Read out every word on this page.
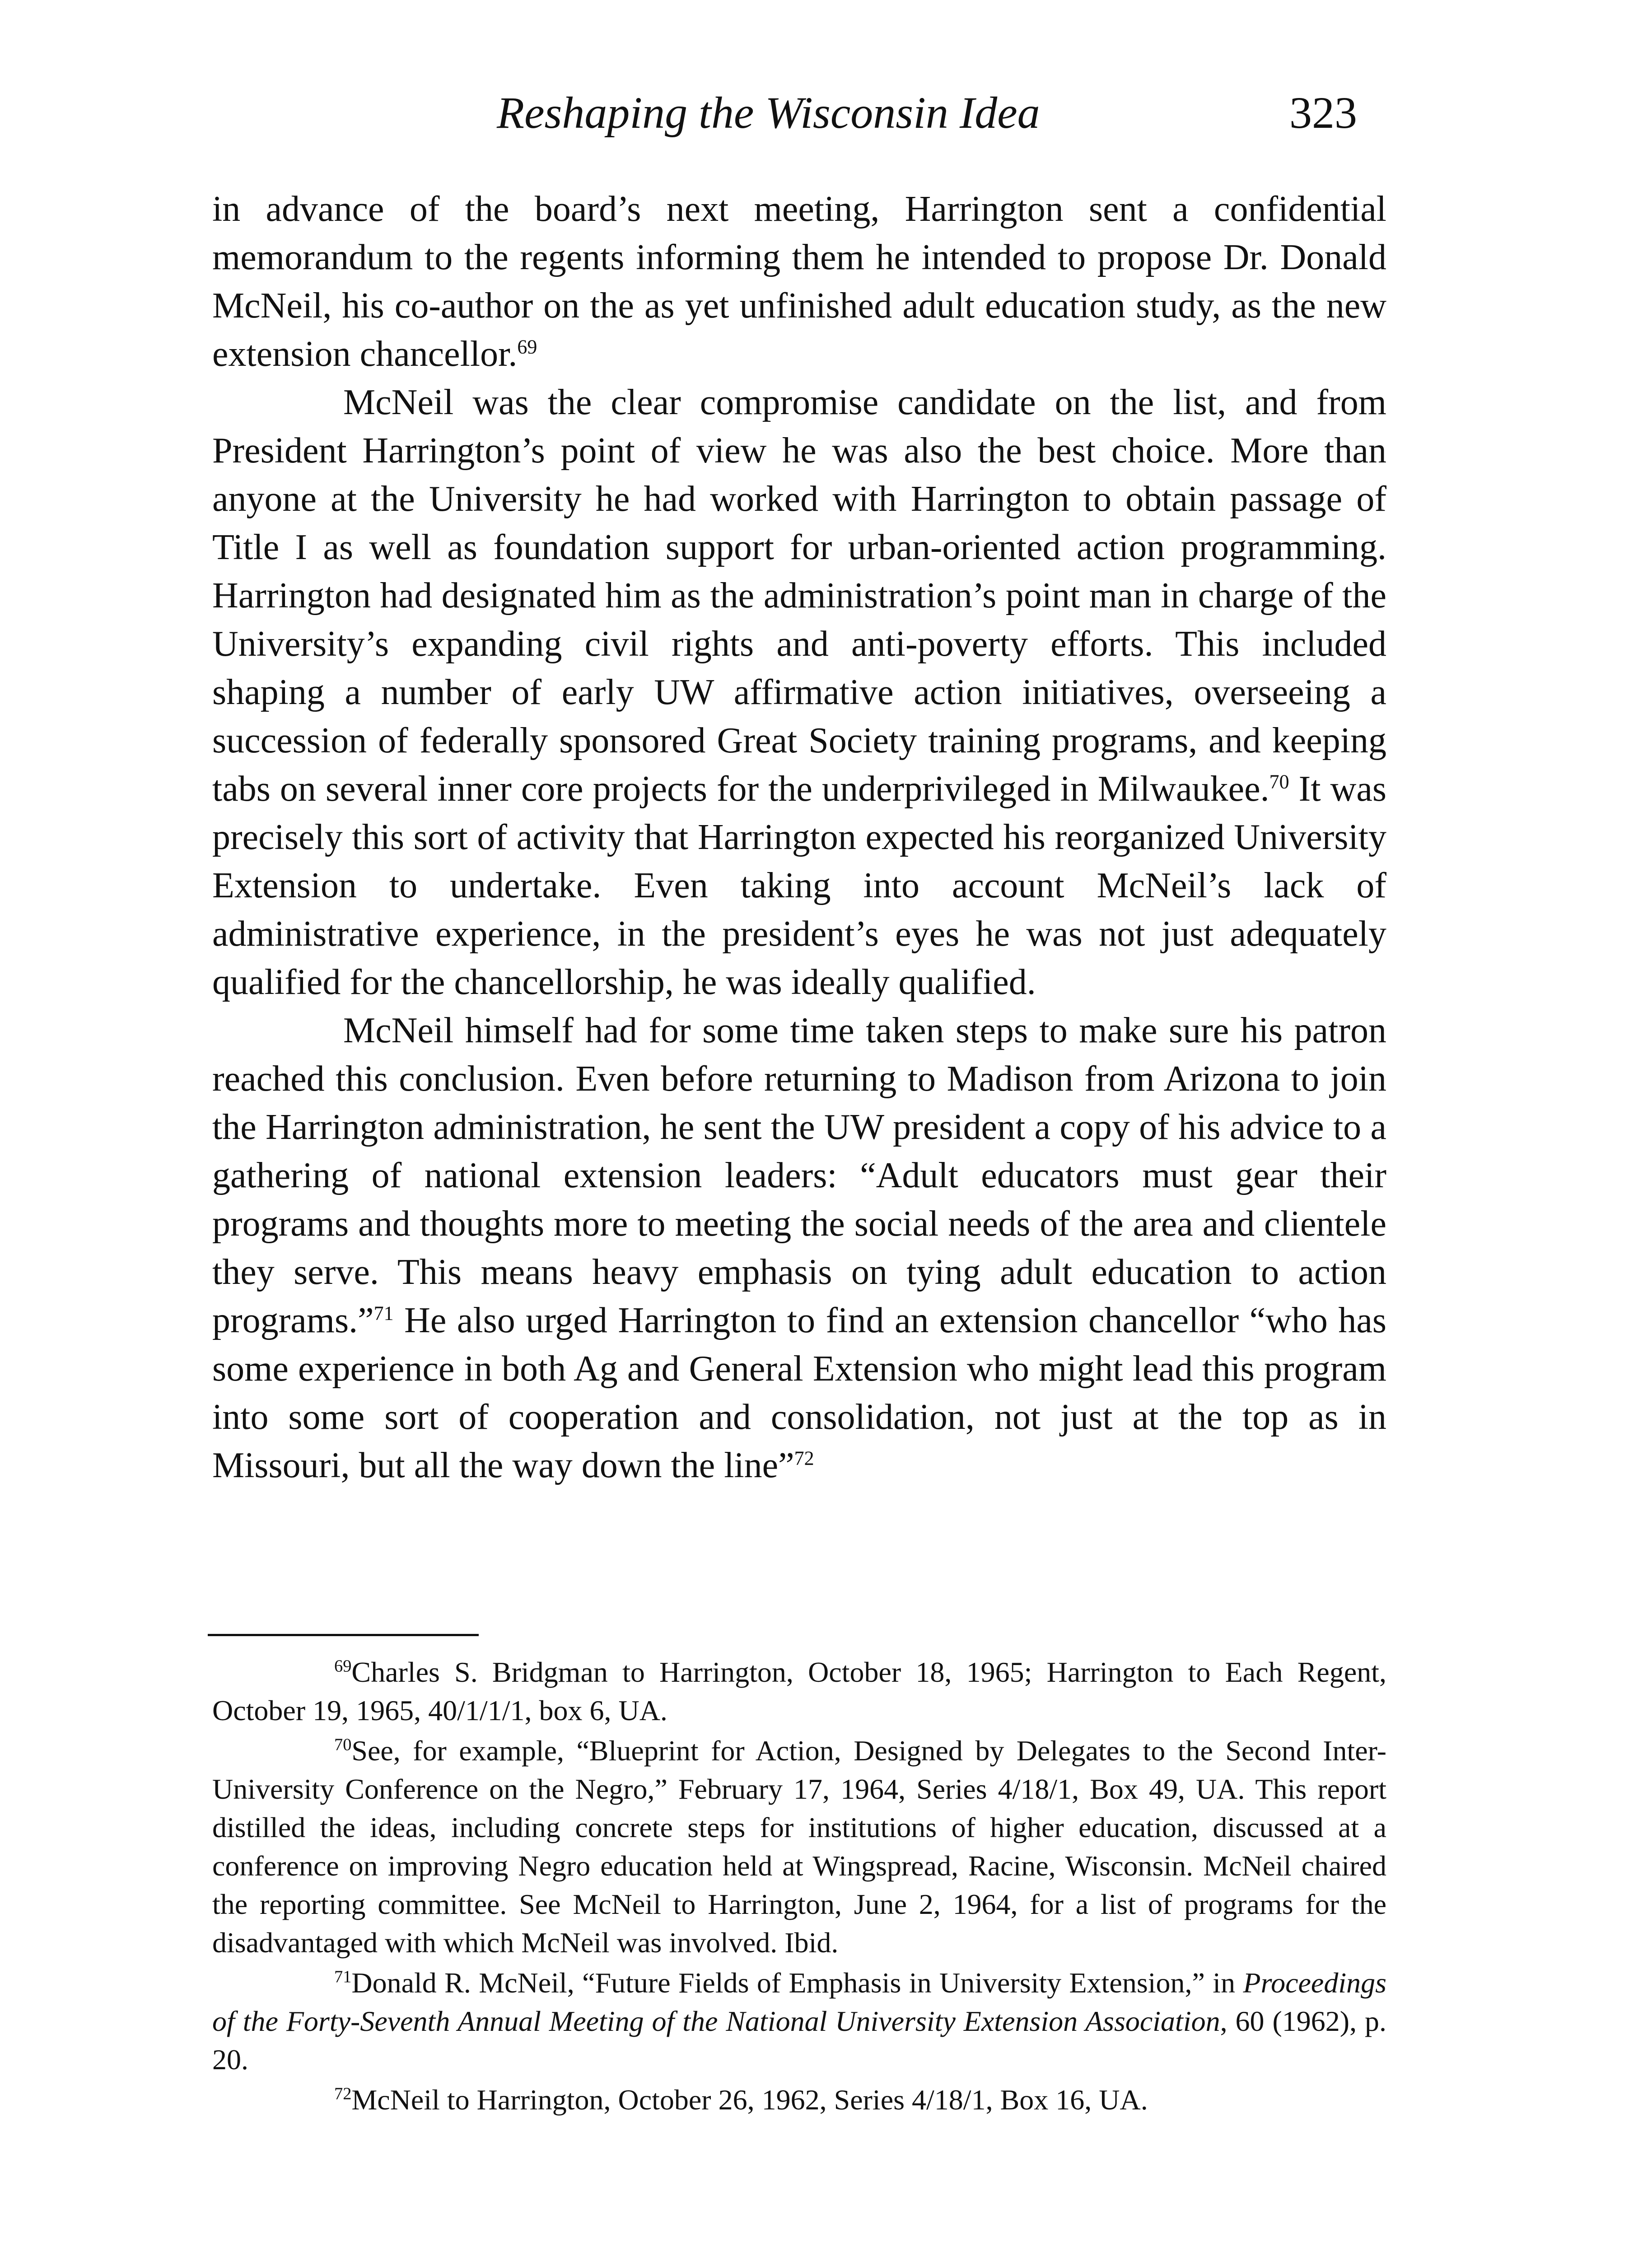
Reshaping the Wisconsin Idea	323

in advance of the board’s next meeting, Harrington sent a confidential memorandum to the regents informing them he intended to propose Dr. Donald McNeil, his co-author on the as yet unfinished adult education study, as the new extension chancellor.$^{69}$

McNeil was the clear compromise candidate on the list, and from President Harrington’s point of view he was also the best choice. More than anyone at the University he had worked with Harrington to obtain passage of Title I as well as foundation support for urban-oriented action programming. Harrington had designated him as the administration’s point man in charge of the University’s expanding civil rights and anti-poverty efforts. This included shaping a number of early UW affirmative action initiatives, overseeing a succession of federally sponsored Great Society training programs, and keeping tabs on several inner core projects for the underprivileged in Milwaukee.$^{70}$ It was precisely this sort of activity that Harrington expected his reorganized University Extension to undertake. Even taking into account McNeil’s lack of administrative experience, in the president’s eyes he was not just adequately qualified for the chancellorship, he was ideally qualified.

McNeil himself had for some time taken steps to make sure his patron reached this conclusion. Even before returning to Madison from Arizona to join the Harrington administration, he sent the UW president a copy of his advice to a gathering of national extension leaders: “Adult educators must gear their programs and thoughts more to meeting the social needs of the area and clientele they serve. This means heavy emphasis on tying adult education to action programs.”$^{71}$ He also urged Harrington to find an extension chancellor “who has some experience in both Ag and General Extension who might lead this program into some sort of cooperation and consolidation, not just at the top as in Missouri, but all the way down the line”$^{72}$

$^{69}$Charles S. Bridgman to Harrington, October 18, 1965; Harrington to Each Regent, October 19, 1965, 40/1/1/1, box 6, UA.

$^{70}$See, for example, “Blueprint for Action, Designed by Delegates to the Second Inter-University Conference on the Negro,” February 17, 1964, Series 4/18/1, Box 49, UA. This report distilled the ideas, including concrete steps for institutions of higher education, discussed at a conference on improving Negro education held at Wingspread, Racine, Wisconsin. McNeil chaired the reporting committee. See McNeil to Harrington, June 2, 1964, for a list of programs for the disadvantaged with which McNeil was involved. Ibid.

$^{71}$Donald R. McNeil, “Future Fields of Emphasis in University Extension,” in Proceedings of the Forty-Seventh Annual Meeting of the National University Extension Association, 60 (1962), p. 20.

$^{72}$McNeil to Harrington, October 26, 1962, Series 4/18/1, Box 16, UA.
